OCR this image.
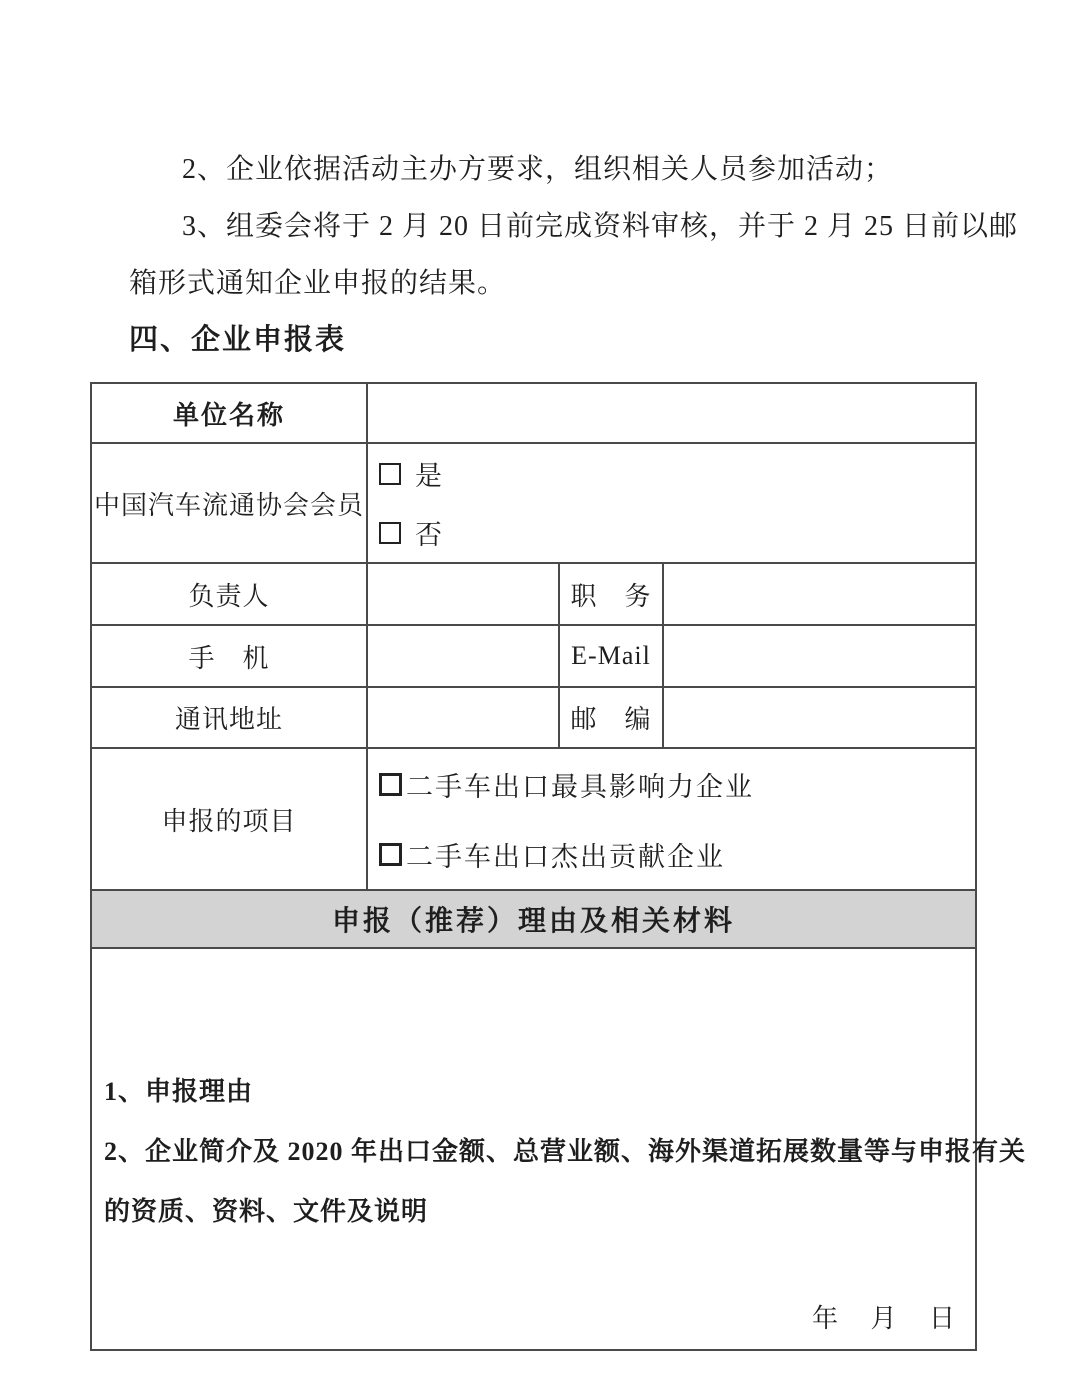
2、企业依据活动主办方要求，组织相关人员参加活动；
3、组委会将于 2 月 20 日前完成资料审核，并于 2 月 25 日前以邮
箱形式通知企业申报的结果。
四、企业申报表
单位名称			
中国汽车流通协会会员	是
否		

负责人		职　务	
手　机		E-Mail	
通讯地址		邮　编	
申报的项目	二手车出口最具影响力企业
二手车出口杰出贡献企业		

申报（推荐）理由及相关材料			

1、申报理由
2、企业简介及 2020 年出口金额、总营业额、海外渠道拓展数量等与申报有关
的资质、资料、文件及说明
年 月 日			
